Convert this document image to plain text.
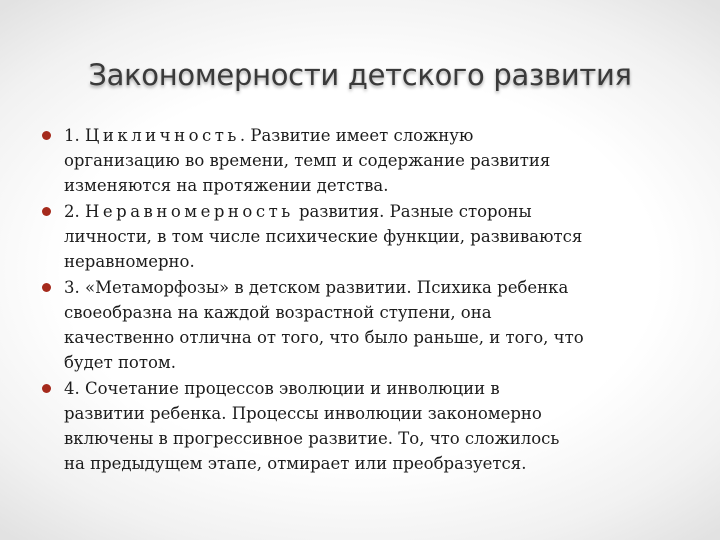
Закономерности детского развития
1. Цикличность. Развитие имеет сложную
организацию во времени, темп и содержание развития
изменяются на протяжении детства.
2. Неравномерность развития. Разные стороны
личности, в том числе психические функции, развиваются
неравномерно.
3. «Метаморфозы» в детском развитии. Психика ребенка
своеобразна на каждой возрастной ступени, она
качественно отлична от того, что было раньше, и того, что
будет потом.
4. Сочетание процессов эволюции и инволюции в
развитии ребенка. Процессы инволюции закономерно
включены в прогрессивное развитие. То, что сложилось
на предыдущем этапе, отмирает или преобразуется.
